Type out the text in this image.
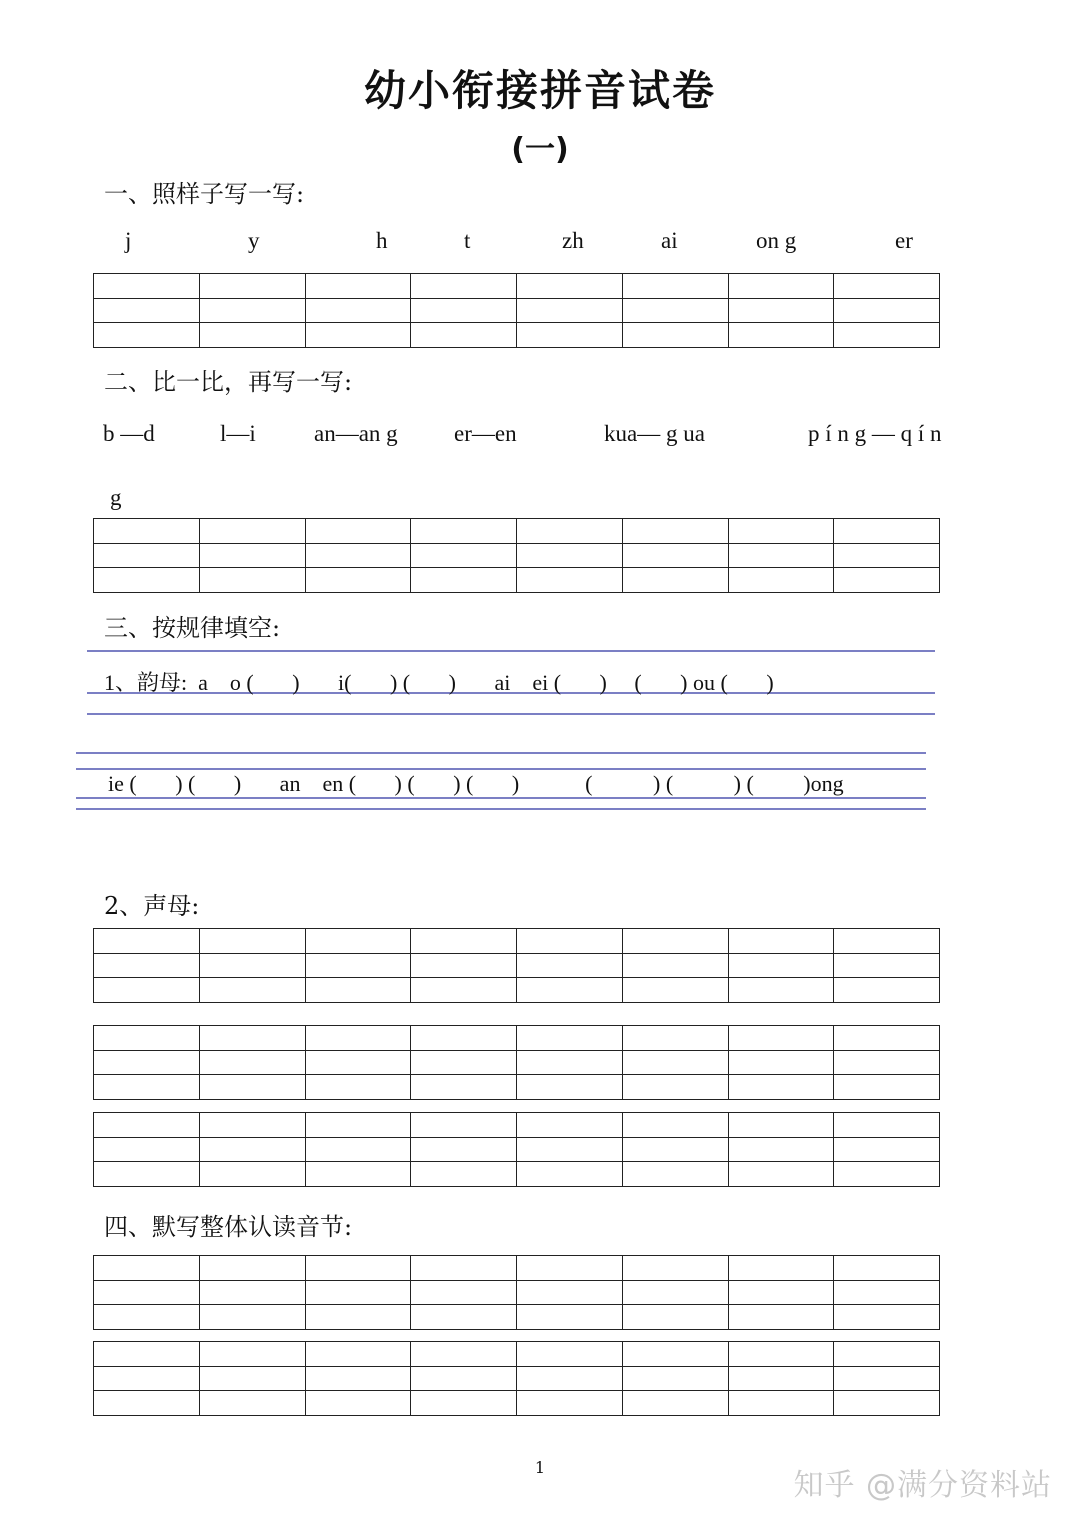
幼小衔接拼音试卷
(一)
一、照样子写一写:
j	y	h	t	zh	ai	on g	er

二、比一比，再写一写:
b —d	l—i	an—an g er—en	kua— g ua	p í n g — q í n
g

三、按规律填空:
1、韵母:  a    o (       )       i(       ) (       )       ai    ei (       )     (       ) ou (       )
ie (       ) (       )       an    en (       ) (       ) (       )            (           ) (           ) (         )ong
2、声母:

四、默写整体认读音节:

1
知乎 @满分资料站
